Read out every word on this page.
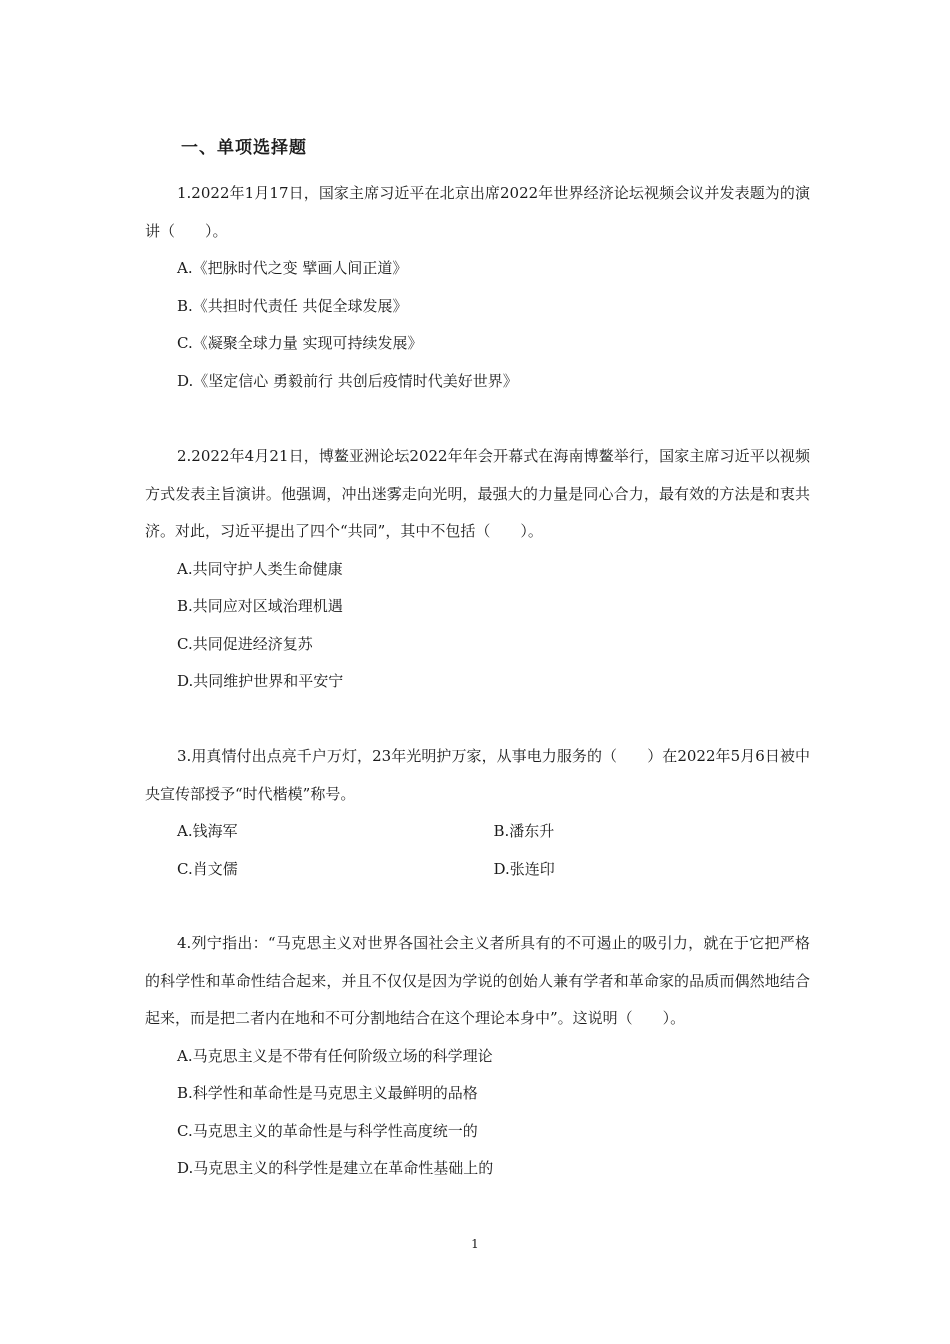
一、单项选择题

1.2022年1月17日，国家主席习近平在北京出席2022年世界经济论坛视频会议并发表题为的演讲（　　）。

A.《把脉时代之变 擘画人间正道》

B.《共担时代责任 共促全球发展》

C.《凝聚全球力量 实现可持续发展》

D.《坚定信心 勇毅前行 共创后疫情时代美好世界》

2.2022年4月21日，博鳌亚洲论坛2022年年会开幕式在海南博鳌举行，国家主席习近平以视频方式发表主旨演讲。他强调，冲出迷雾走向光明，最强大的力量是同心合力，最有效的方法是和衷共济。对此，习近平提出了四个“共同”，其中不包括（　　）。

A.共同守护人类生命健康

B.共同应对区域治理机遇

C.共同促进经济复苏

D.共同维护世界和平安宁

3.用真情付出点亮千户万灯，23年光明护万家，从事电力服务的（　　）在2022年5月6日被中央宣传部授予“时代楷模”称号。

A.钱海军	B.潘东升
C.肖文儒	D.张连印

4.列宁指出：“马克思主义对世界各国社会主义者所具有的不可遏止的吸引力，就在于它把严格的科学性和革命性结合起来，并且不仅仅是因为学说的创始人兼有学者和革命家的品质而偶然地结合起来，而是把二者内在地和不可分割地结合在这个理论本身中”。这说明（　　）。

A.马克思主义是不带有任何阶级立场的科学理论

B.科学性和革命性是马克思主义最鲜明的品格

C.马克思主义的革命性是与科学性高度统一的

D.马克思主义的科学性是建立在革命性基础上的

1
